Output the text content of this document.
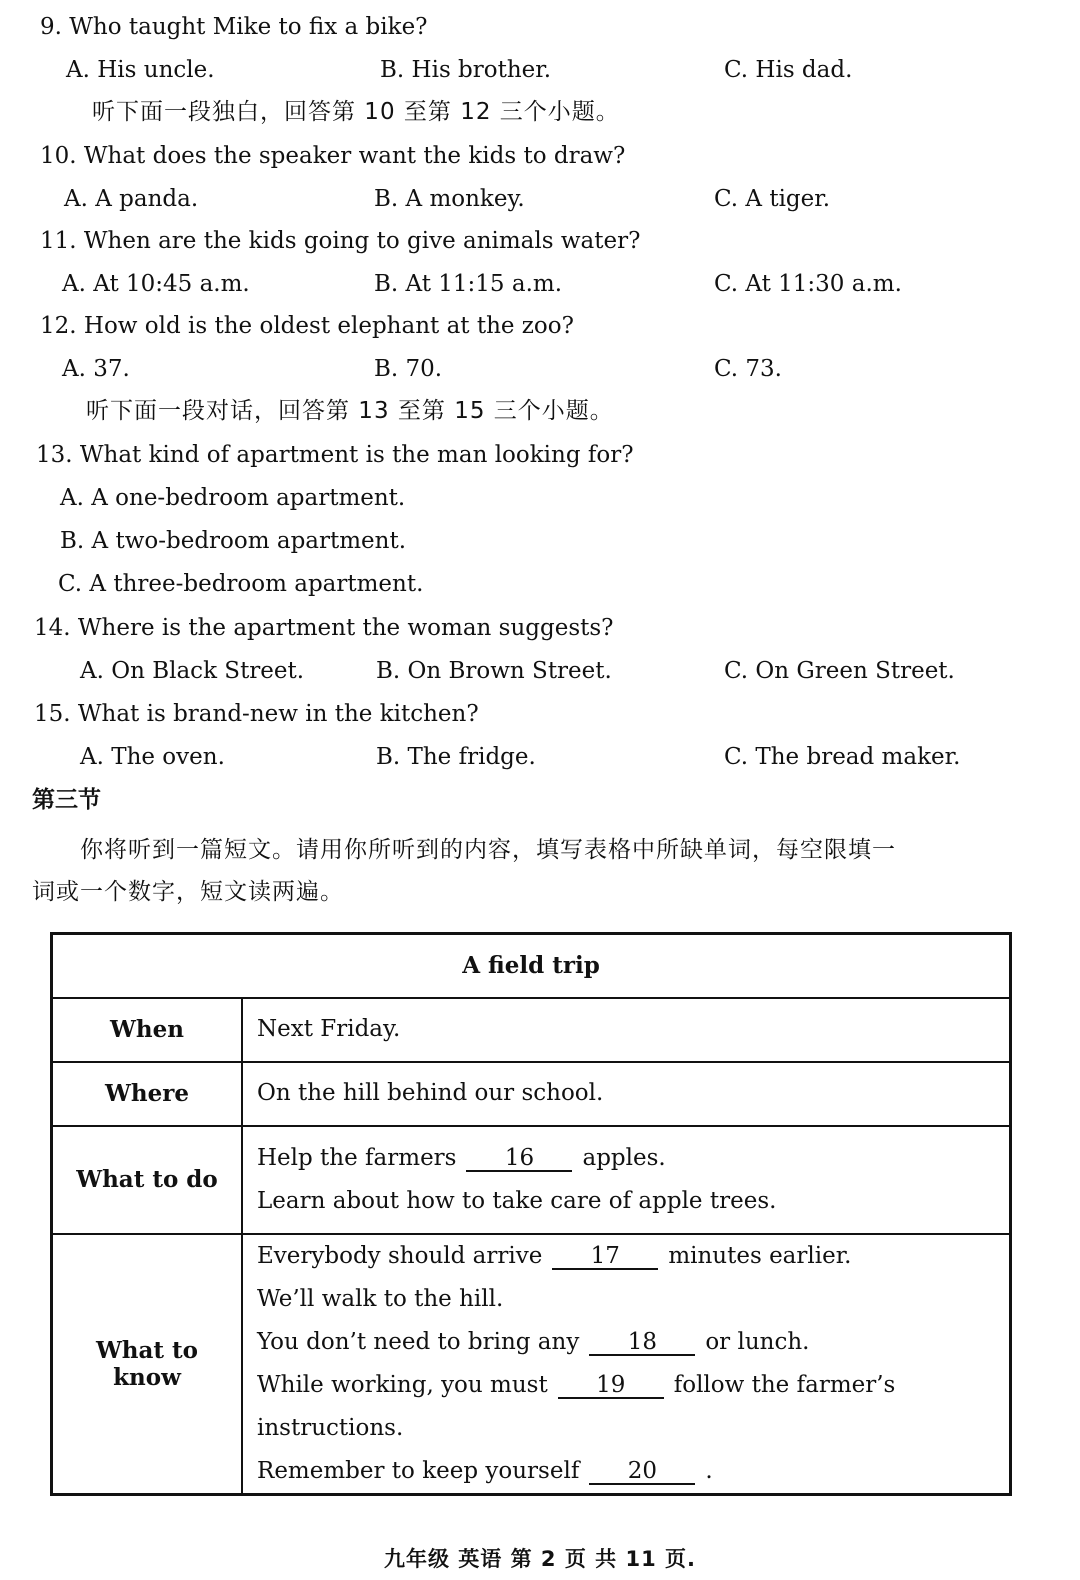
9. Who taught Mike to fix a bike?
A. His uncle.	B. His brother.	C. His dad.
听下面一段独白，回答第 10 至第 12 三个小题。
10. What does the speaker want the kids to draw?
A. A panda.	B. A monkey.	C. A tiger.
11. When are the kids going to give animals water?
A. At 10:45 a.m.	B. At 11:15 a.m.	C. At 11:30 a.m.
12. How old is the oldest elephant at the zoo?
A. 37.	B. 70.	C. 73.
听下面一段对话，回答第 13 至第 15 三个小题。
13. What kind of apartment is the man looking for?
A. A one-bedroom apartment.
B. A two-bedroom apartment.
C. A three-bedroom apartment.
14. Where is the apartment the woman suggests?
A. On Black Street.	B. On Brown Street.	C. On Green Street.
15. What is brand-new in the kitchen?
A. The oven.	B. The fridge.	C. The bread maker.
第三节
你将听到一篇短文。请用你所听到的内容，填写表格中所缺单词，每空限填一
词或一个数字，短文读两遍。
A field trip	
When	Next Friday.
Where	On the hill behind our school.
What to do	Help the farmers 16 apples.
Learn about how to take care of apple trees.

What to know	Everybody should arrive 17 minutes earlier.
We’ll walk to the hill.
You don’t need to bring any 18 or lunch.
While working, you must 19 follow the farmer’s instructions.
Remember to keep yourself 20 .
九年级 英语 第 2 页 共 11 页.
